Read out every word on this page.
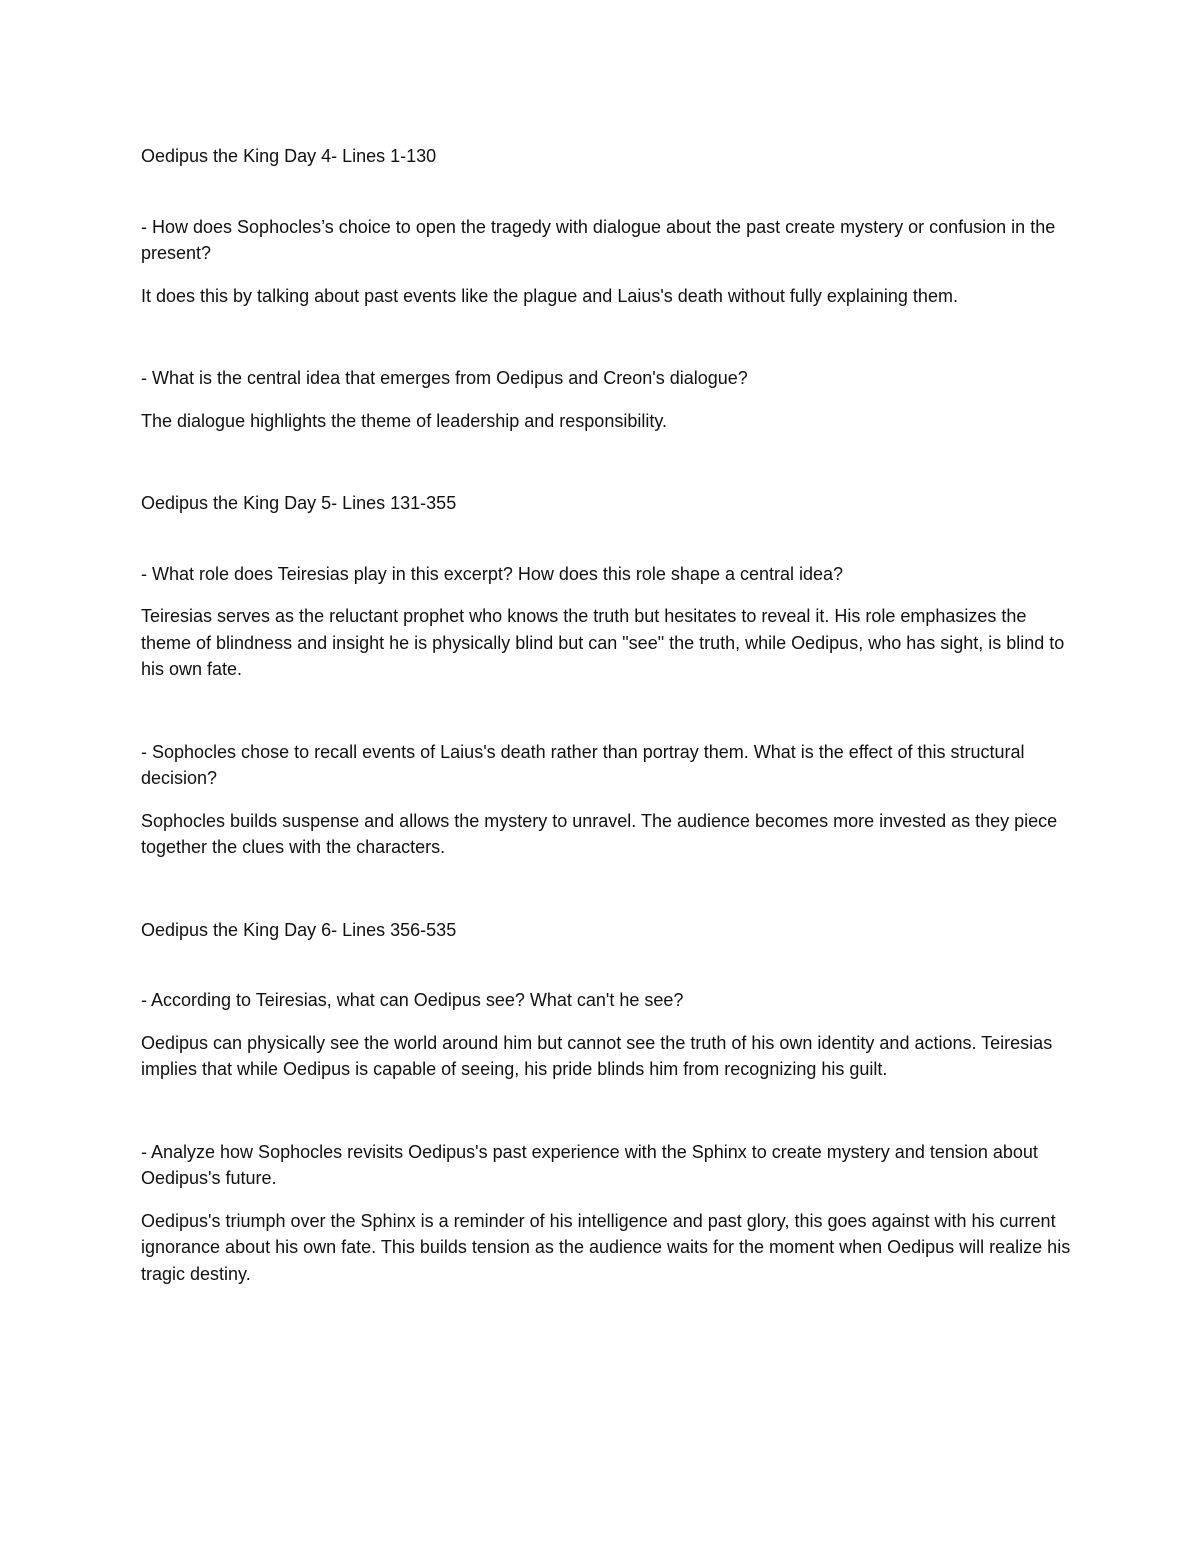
Oedipus the King Day 4- Lines 1-130

- How does Sophocles’s choice to open the tragedy with dialogue about the past create mystery or confusion in the present?

It does this by talking about past events like the plague and Laius's death without fully explaining them.

- What is the central idea that emerges from Oedipus and Creon's dialogue?

The dialogue highlights the theme of leadership and responsibility.

Oedipus the King Day 5- Lines 131-355

- What role does Teiresias play in this excerpt? How does this role shape a central idea?

Teiresias serves as the reluctant prophet who knows the truth but hesitates to reveal it. His role emphasizes the theme of blindness and insight he is physically blind but can "see" the truth, while Oedipus, who has sight, is blind to his own fate.

- Sophocles chose to recall events of Laius's death rather than portray them. What is the effect of this structural decision?

Sophocles builds suspense and allows the mystery to unravel. The audience becomes more invested as they piece together the clues with the characters.

Oedipus the King Day 6- Lines 356-535

- According to Teiresias, what can Oedipus see? What can't he see?

Oedipus can physically see the world around him but cannot see the truth of his own identity and actions. Teiresias implies that while Oedipus is capable of seeing, his pride blinds him from recognizing his guilt.

- Analyze how Sophocles revisits Oedipus's past experience with the Sphinx to create mystery and tension about Oedipus's future.

Oedipus's triumph over the Sphinx is a reminder of his intelligence and past glory, this goes against with his current ignorance about his own fate. This builds tension as the audience waits for the moment when Oedipus will realize his tragic destiny.
